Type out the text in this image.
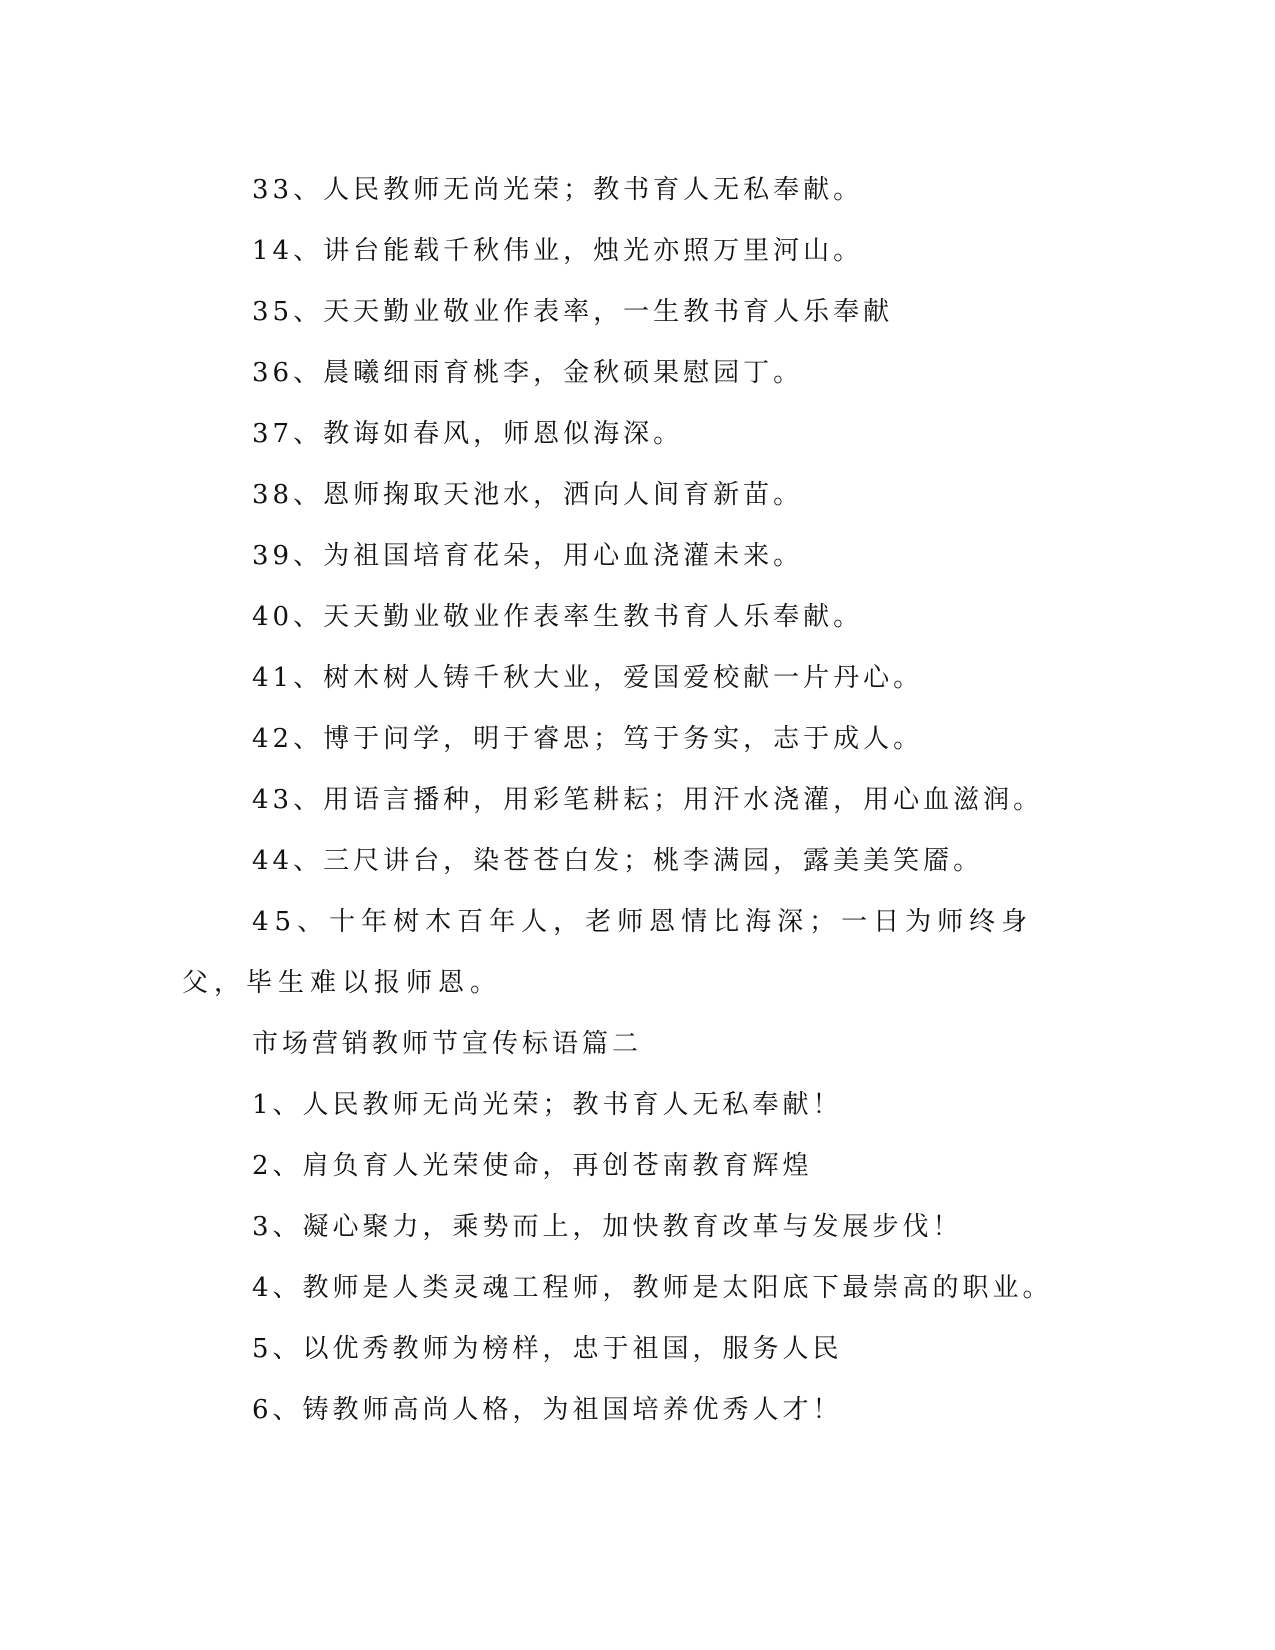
33、人民教师无尚光荣；教书育人无私奉献。

14、讲台能载千秋伟业，烛光亦照万里河山。

35、天天勤业敬业作表率，一生教书育人乐奉献

36、晨曦细雨育桃李，金秋硕果慰园丁。

37、教诲如春风，师恩似海深。

38、恩师掬取天池水，洒向人间育新苗。

39、为祖国培育花朵，用心血浇灌未来。

40、天天勤业敬业作表率生教书育人乐奉献。

41、树木树人铸千秋大业，爱国爱校献一片丹心。

42、博于问学，明于睿思；笃于务实，志于成人。

43、用语言播种，用彩笔耕耘；用汗水浇灌，用心血滋润。

44、三尺讲台，染苍苍白发；桃李满园，露美美笑靥。

45、十年树木百年人，老师恩情比海深；一日为师终身父，毕生难以报师恩。

市场营销教师节宣传标语篇二

1、人民教师无尚光荣；教书育人无私奉献！

2、肩负育人光荣使命，再创苍南教育辉煌

3、凝心聚力，乘势而上，加快教育改革与发展步伐！

4、教师是人类灵魂工程师，教师是太阳底下最崇高的职业。

5、以优秀教师为榜样，忠于祖国，服务人民

6、铸教师高尚人格，为祖国培养优秀人才！
